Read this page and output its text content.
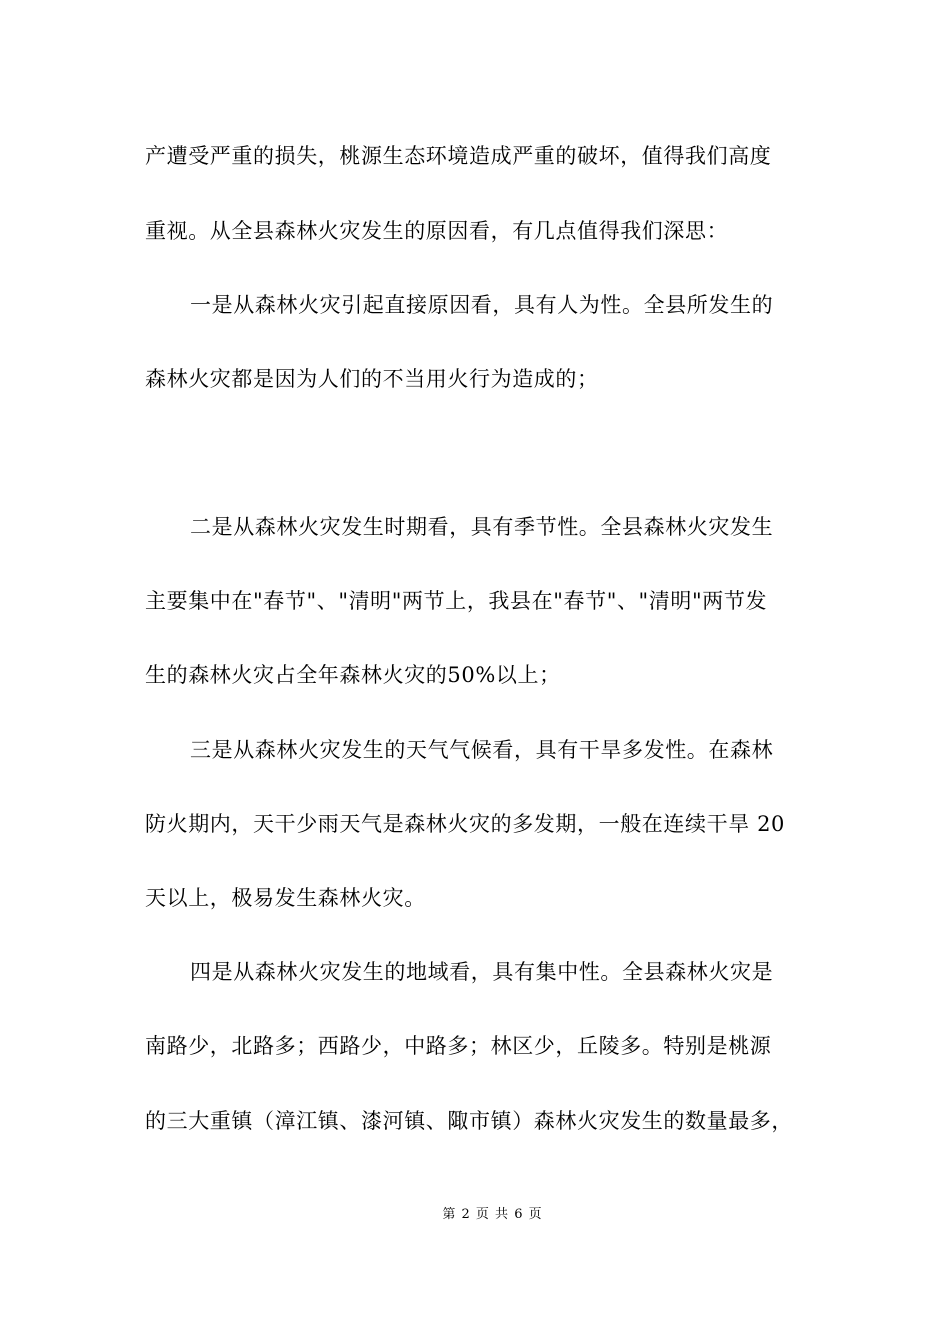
产遭受严重的损失，桃源生态环境造成严重的破坏，值得我们高度
重视。从全县森林火灾发生的原因看，有几点值得我们深思：
一是从森林火灾引起直接原因看，具有人为性。全县所发生的
森林火灾都是因为人们的不当用火行为造成的；
二是从森林火灾发生时期看，具有季节性。全县森林火灾发生
主要集中在"春节"、"清明"两节上，我县在"春节"、"清明"两节发
生的森林火灾占全年森林火灾的50%以上；
三是从森林火灾发生的天气气候看，具有干旱多发性。在森林
防火期内，天干少雨天气是森林火灾的多发期，一般在连续干旱 20
天以上，极易发生森林火灾。
四是从森林火灾发生的地域看，具有集中性。全县森林火灾是
南路少，北路多；西路少，中路多；林区少，丘陵多。特别是桃源
的三大重镇（漳江镇、漆河镇、陬市镇）森林火灾发生的数量最多，
第 2 页 共 6 页
